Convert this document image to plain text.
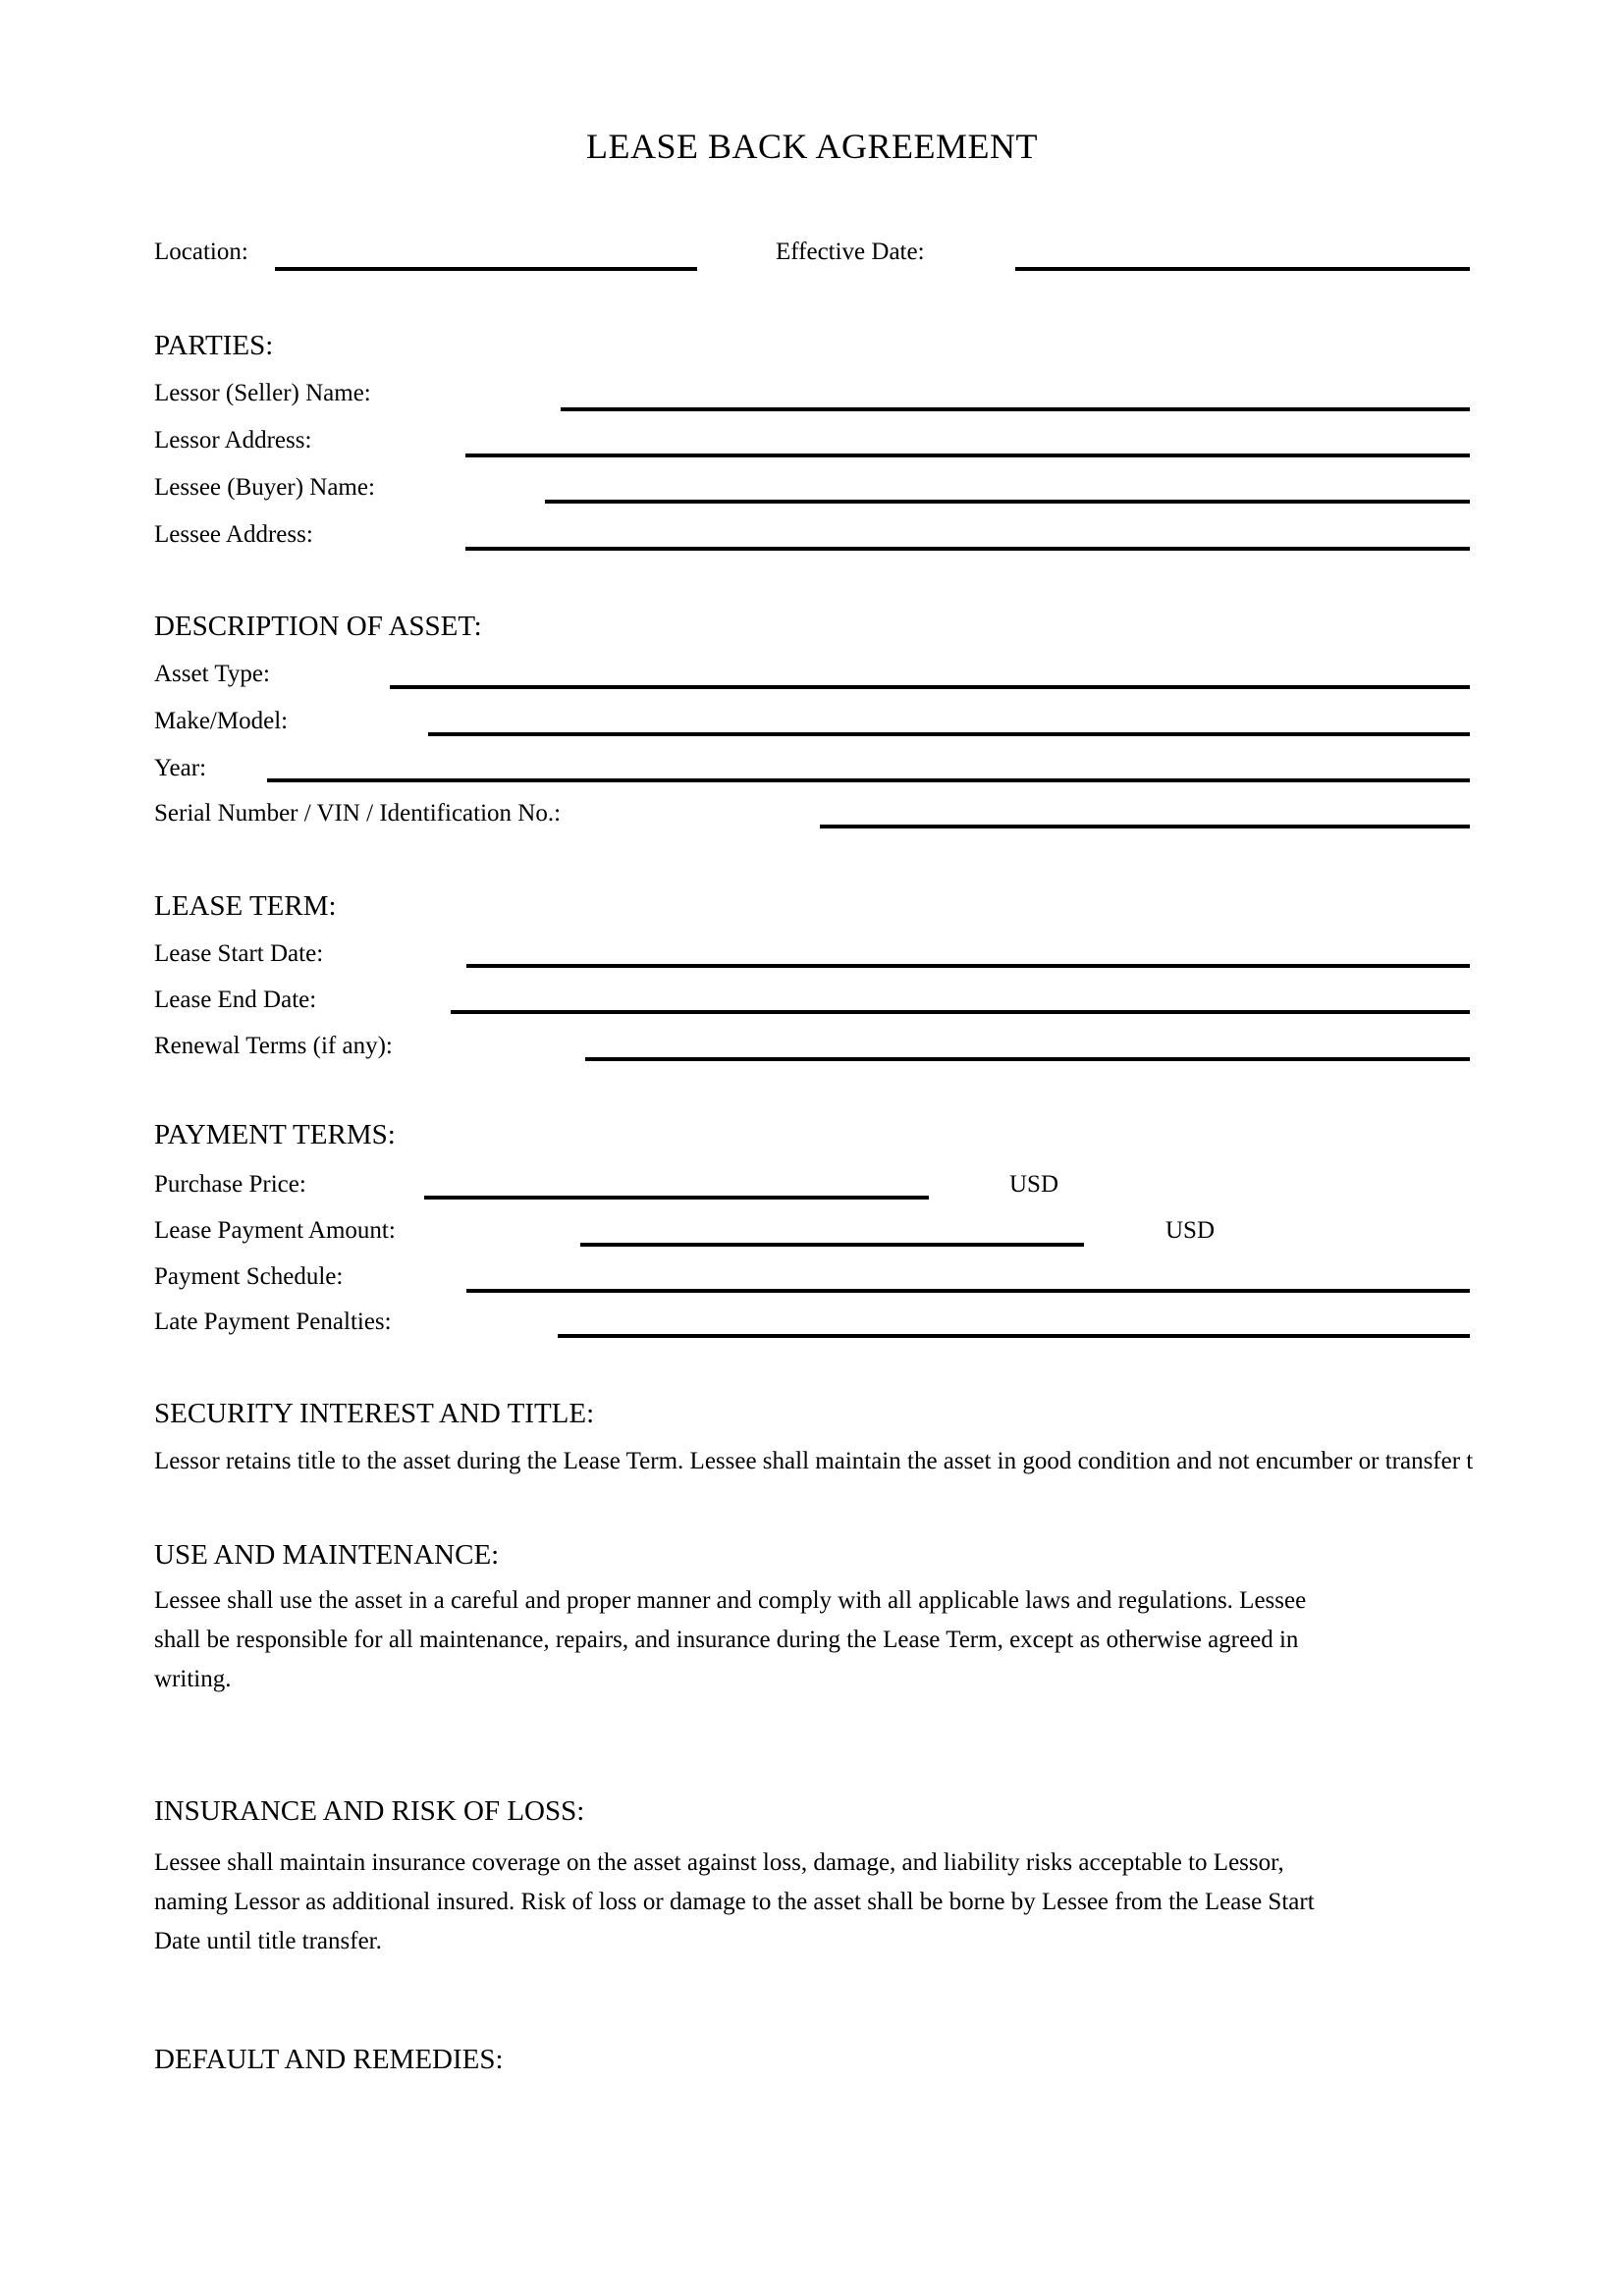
LEASE BACK AGREEMENT
Location:	Effective Date:
PARTIES:
Lessor (Seller) Name:
Lessor Address:
Lessee (Buyer) Name:
Lessee Address:
DESCRIPTION OF ASSET:
Asset Type:
Make/Model:
Year:
Serial Number / VIN / Identification No.:
LEASE TERM:
Lease Start Date:
Lease End Date:
Renewal Terms (if any):
PAYMENT TERMS:
Purchase Price:	USD
Lease Payment Amount:	USD
Payment Schedule:
Late Payment Penalties:
SECURITY INTEREST AND TITLE:
Lessor retains title to the asset during the Lease Term. Lessee shall maintain the asset in good condition and not encumber or transfer t
USE AND MAINTENANCE:
Lessee shall use the asset in a careful and proper manner and comply with all applicable laws and regulations. Lessee
shall be responsible for all maintenance, repairs, and insurance during the Lease Term, except as otherwise agreed in
writing.
INSURANCE AND RISK OF LOSS:
Lessee shall maintain insurance coverage on the asset against loss, damage, and liability risks acceptable to Lessor,
naming Lessor as additional insured. Risk of loss or damage to the asset shall be borne by Lessee from the Lease Start
Date until title transfer.
DEFAULT AND REMEDIES:
